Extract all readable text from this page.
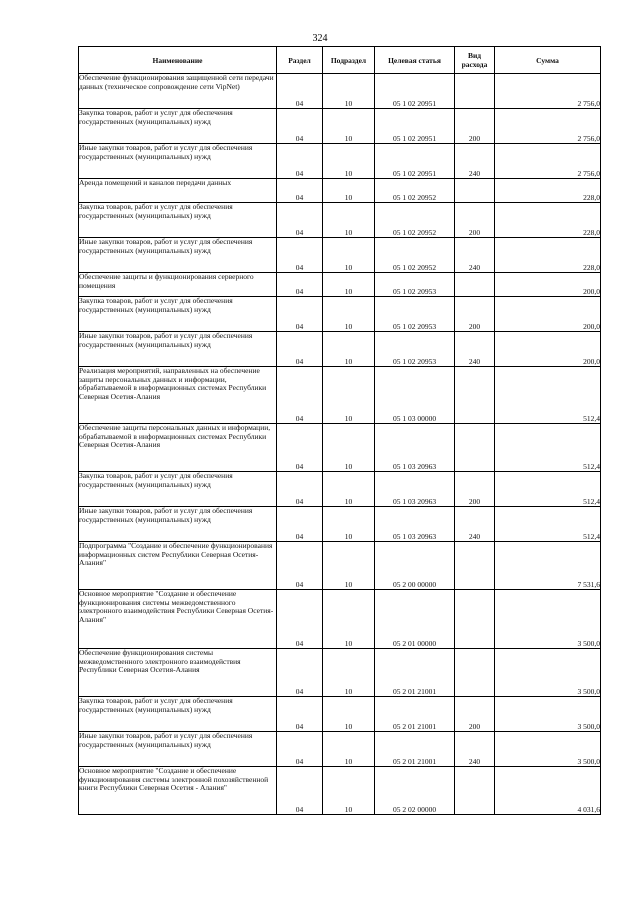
324
Наименование	Раздел	Подраздел	Целевая статья	Вид расхода	Сумма
Обеспечение функционирования защищенной сети передачи данных (техническое сопровождение сети VipNet)	04	10	05 1 02 20951		2 756,0
Закупка товаров, работ и услуг для обеспечения государственных (муниципальных) нужд	04	10	05 1 02 20951	200	2 756,0
Иные закупки товаров, работ и услуг для обеспечения государственных (муниципальных) нужд	04	10	05 1 02 20951	240	2 756,0
Аренда помещений и каналов передачи данных	04	10	05 1 02 20952		228,0
Закупка товаров, работ и услуг для обеспечения государственных (муниципальных) нужд	04	10	05 1 02 20952	200	228,0
Иные закупки товаров, работ и услуг для обеспечения государственных (муниципальных) нужд	04	10	05 1 02 20952	240	228,0
Обеспечение защиты и функционирования серверного помещения	04	10	05 1 02 20953		200,0
Закупка товаров, работ и услуг для обеспечения государственных (муниципальных) нужд	04	10	05 1 02 20953	200	200,0
Иные закупки товаров, работ и услуг для обеспечения государственных (муниципальных) нужд	04	10	05 1 02 20953	240	200,0
Реализация мероприятий, направленных на обеспечение защиты персональных данных и информации, обрабатываемой в информационных системах Республики Северная Осетия-Алания	04	10	05 1 03 00000		512,4
Обеспечение защиты персональных данных и информации, обрабатываемой в информационных системах Республики Северная Осетия-Алания	04	10	05 1 03 20963		512,4
Закупка товаров, работ и услуг для обеспечения государственных (муниципальных) нужд	04	10	05 1 03 20963	200	512,4
Иные закупки товаров, работ и услуг для обеспечения государственных (муниципальных) нужд	04	10	05 1 03 20963	240	512,4
Подпрограмма "Создание и обеспечение функционирования информационных систем Республики Северная Осетия-Алания"	04	10	05 2 00 00000		7 531,6
Основное мероприятие "Создание и обеспечение функционирования системы межведомственного электронного взаимодействия Республики Северная Осетия-Алания"	04	10	05 2 01 00000		3 500,0
Обеспечение функционирования системы межведомственного электронного взаимодействия Республики Северная Осетия-Алания	04	10	05 2 01 21001		3 500,0
Закупка товаров, работ и услуг для обеспечения государственных (муниципальных) нужд	04	10	05 2 01 21001	200	3 500,0
Иные закупки товаров, работ и услуг для обеспечения государственных (муниципальных) нужд	04	10	05 2 01 21001	240	3 500,0
Основное мероприятие "Создание и обеспечение функционирования системы электронной похозяйственной книги Республики Северная Осетия - Алания"	04	10	05 2 02 00000		4 031,6
